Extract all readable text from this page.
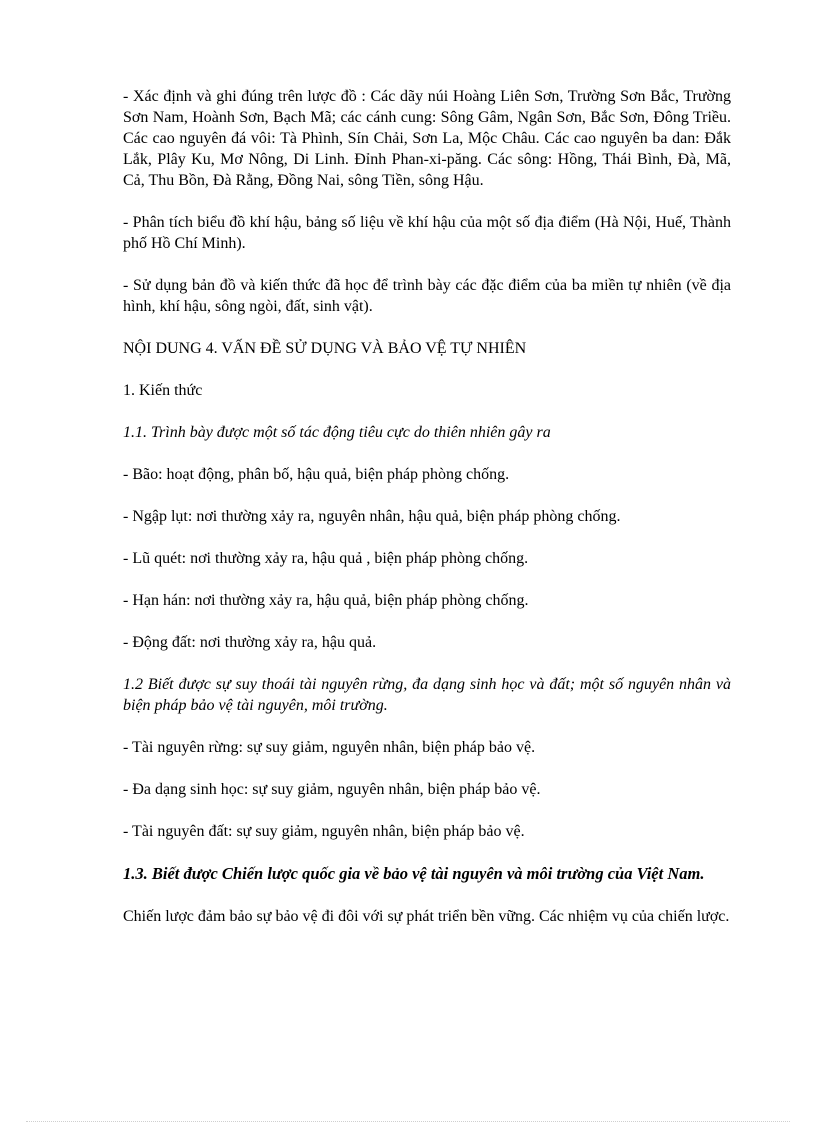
- Xác định và ghi đúng trên lược đồ : Các dãy núi Hoàng Liên Sơn, Trường Sơn Bắc, Trường Sơn Nam, Hoành Sơn, Bạch Mã; các cánh cung: Sông Gâm, Ngân Sơn, Bắc Sơn, Đông Triều. Các cao nguyên đá vôi: Tà Phình, Sín Chải, Sơn La, Mộc Châu. Các cao nguyên ba dan: Đắk Lắk, Plây Ku, Mơ Nông, Di Linh. Đỉnh Phan-xi-păng. Các sông: Hồng, Thái Bình, Đà, Mã, Cả, Thu Bồn, Đà Rằng, Đồng Nai, sông Tiền, sông Hậu.

- Phân tích biểu đồ khí hậu, bảng số liệu về khí hậu của một số địa điểm (Hà Nội, Huế, Thành phố Hồ Chí Minh).

- Sử dụng bản đồ và kiến thức đã học để trình bày các đặc điểm của ba miền tự nhiên (về địa hình, khí hậu, sông ngòi, đất, sinh vật).

NỘI DUNG 4. VẤN ĐỀ SỬ DỤNG VÀ BẢO VỆ TỰ NHIÊN

1. Kiến thức

1.1. Trình bày được một số tác động tiêu cực do thiên nhiên gây ra

- Bão: hoạt động, phân bố, hậu quả, biện pháp phòng chống.

- Ngập lụt: nơi thường xảy ra, nguyên nhân, hậu quả, biện pháp phòng chống.

- Lũ quét: nơi thường xảy ra, hậu quả , biện pháp phòng chống.

- Hạn hán: nơi thường xảy ra, hậu quả, biện pháp phòng chống.

- Động đất: nơi thường xảy ra, hậu quả.

1.2 Biết được sự suy thoái tài nguyên rừng, đa dạng sinh học và đất; một số nguyên nhân và biện pháp bảo vệ tài nguyên, môi trường.

- Tài nguyên rừng: sự suy giảm, nguyên nhân, biện pháp bảo vệ.

- Đa dạng sinh học: sự suy giảm, nguyên nhân, biện pháp bảo vệ.

- Tài nguyên đất: sự suy giảm, nguyên nhân, biện pháp bảo vệ.

1.3. Biết được Chiến lược quốc gia về bảo vệ tài nguyên và môi trường của Việt Nam.

Chiến lược đảm bảo sự bảo vệ đi đôi với sự phát triển bền vững. Các nhiệm vụ của chiến lược.
